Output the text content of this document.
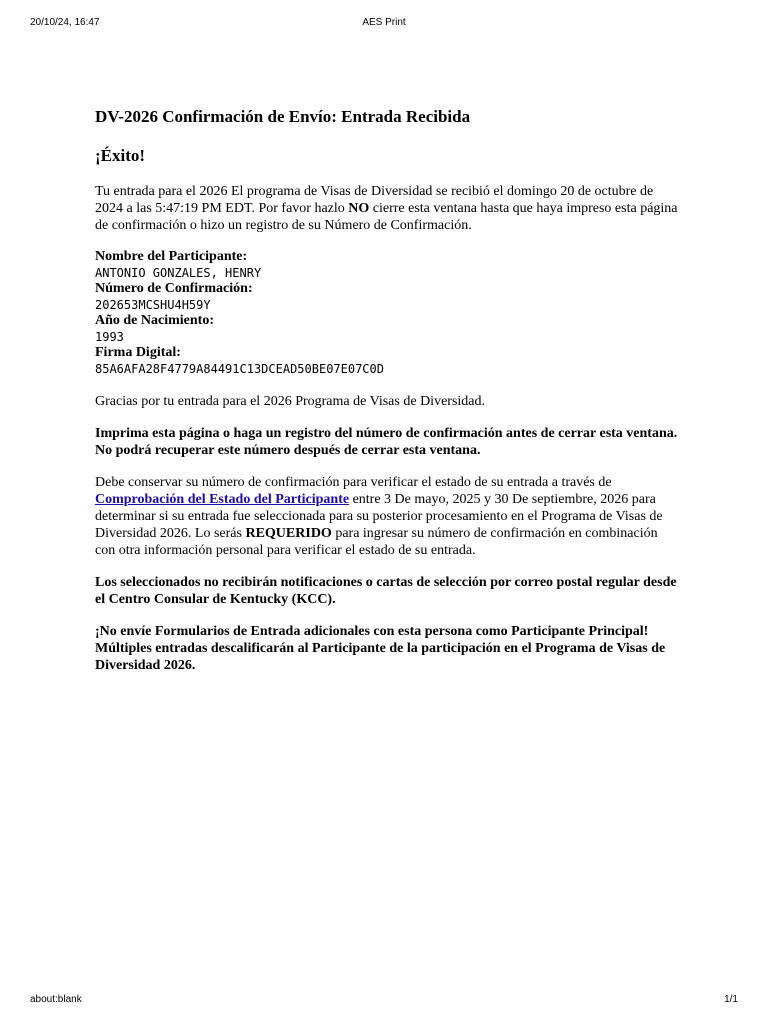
20/10/24, 16:47	AES Print
DV-2026 Confirmación de Envío: Entrada Recibida
¡Éxito!

Tu entrada para el 2026 El programa de Visas de Diversidad se recibió el domingo 20 de octubre de 2024 a las 5:47:19 PM EDT. Por favor hazlo NO cierre esta ventana hasta que haya impreso esta página de confirmación o hizo un registro de su Número de Confirmación.

Nombre del Participante:
ANTONIO GONZALES, HENRY
Número de Confirmación:
202653MCSHU4H59Y
Año de Nacimiento:
1993
Firma Digital:
85A6AFA28F4779A84491C13DCEAD50BE07E07C0D

Gracias por tu entrada para el 2026 Programa de Visas de Diversidad.

Imprima esta página o haga un registro del número de confirmación antes de cerrar esta ventana. No podrá recuperar este número después de cerrar esta ventana.

Debe conservar su número de confirmación para verificar el estado de su entrada a través de Comprobación del Estado del Participante entre 3 De mayo, 2025 y 30 De septiembre, 2026 para determinar si su entrada fue seleccionada para su posterior procesamiento en el Programa de Visas de Diversidad 2026. Lo serás REQUERIDO para ingresar su número de confirmación en combinación con otra información personal para verificar el estado de su entrada.

Los seleccionados no recibirán notificaciones o cartas de selección por correo postal regular desde el Centro Consular de Kentucky (KCC).

¡No envíe Formularios de Entrada adicionales con esta persona como Participante Principal! Múltiples entradas descalificarán al Participante de la participación en el Programa de Visas de Diversidad 2026.

about:blank	1/1
